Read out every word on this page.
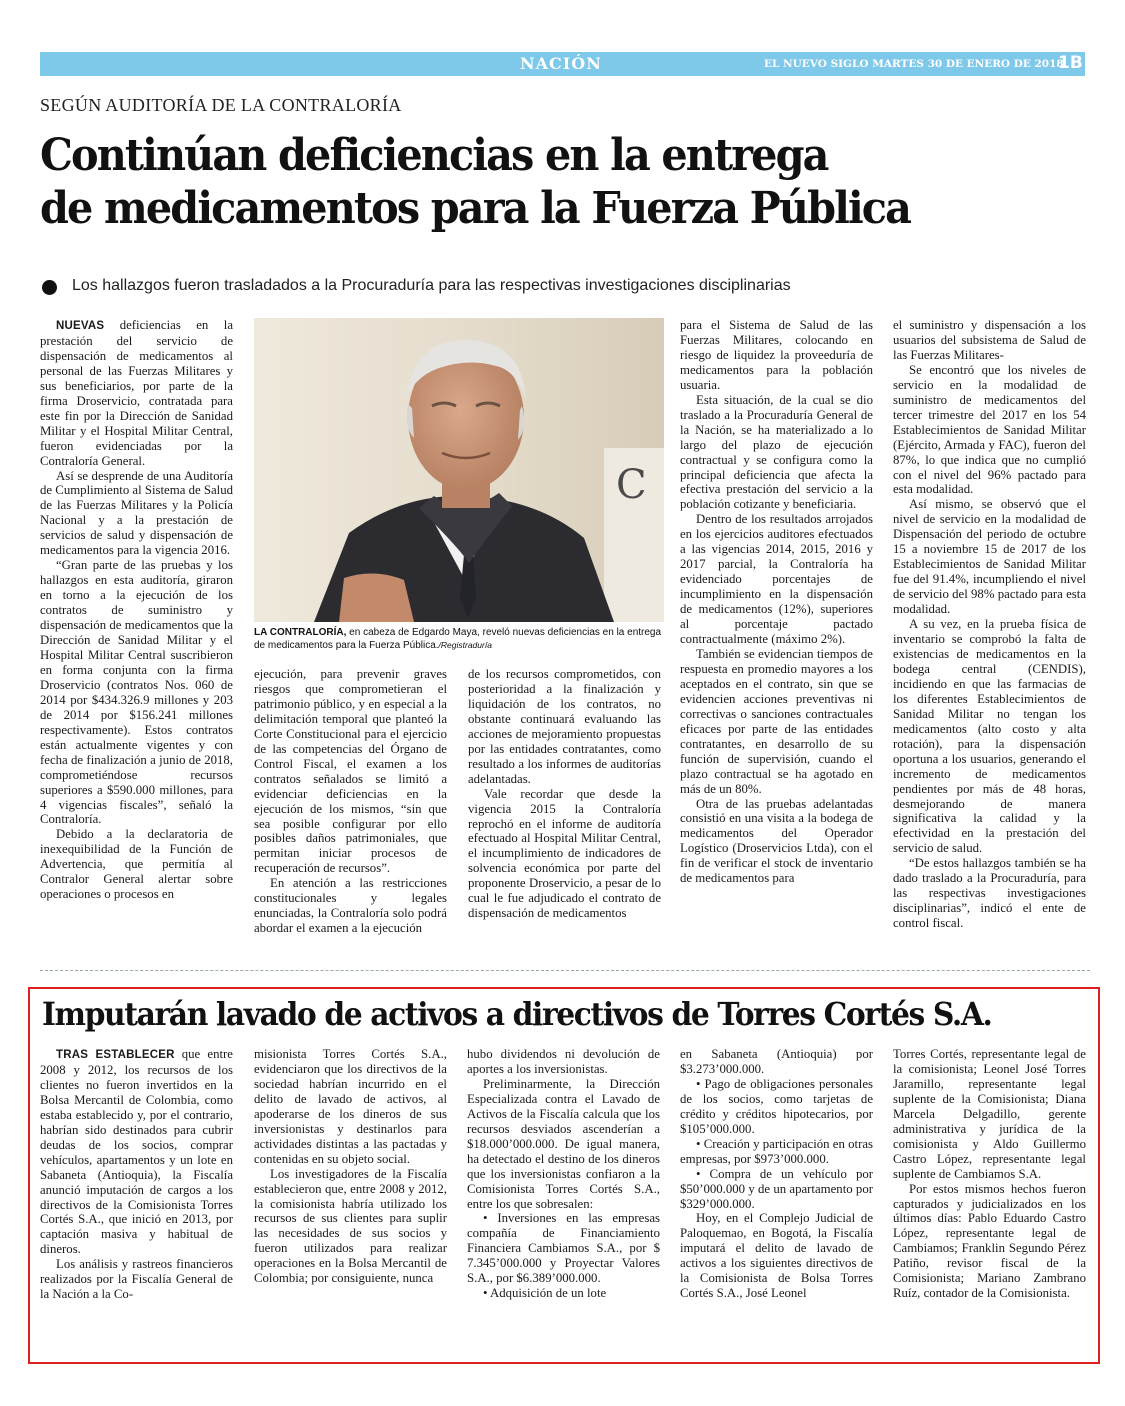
NACIÓN	EL NUEVO SIGLO MARTES 30 DE ENERO DE 2018
1B
SEGÚN AUDITORÍA DE LA CONTRALORÍA
Continúan deficiencias en la entrega
de medicamentos para la Fuerza Pública
Los hallazgos fueron trasladados a la Procuraduría para las respectivas investigaciones disciplinarias

NUEVAS deficiencias en la prestación del servicio de dispensación de medicamentos al personal de las Fuerzas Militares y sus beneficiarios, por parte de la firma Droservicio, contratada para este fin por la Dirección de Sanidad Militar y el Hospital Militar Central, fueron evidenciadas por la Contraloría General.

Así se desprende de una Auditoría de Cumplimiento al Sistema de Salud de las Fuerzas Militares y la Policía Nacional y a la prestación de servicios de salud y dispensación de medicamentos para la vigencia 2016.

“Gran parte de las pruebas y los hallazgos en esta auditoría, giraron en torno a la ejecución de los contratos de suministro y dispensación de medicamentos que la Dirección de Sanidad Militar y el Hospital Militar Central suscribieron en forma conjunta con la firma Droservicio (contratos Nos. 060 de 2014 por $434.326.9 millones y 203 de 2014 por $156.241 millones respectivamente). Estos contratos están actualmente vigentes y con fecha de finalización a junio de 2018, comprometiéndose recursos superiores a $590.000 millones, para 4 vigencias fiscales”, señaló la Contraloría.

Debido a la declaratoria de inexequibilidad de la Función de Advertencia, que permitía al Contralor General alertar sobre operaciones o procesos en

C
LA CONTRALORÍA, en cabeza de Edgardo Maya, reveló nuevas deficiencias en la entrega de medicamentos para la Fuerza Pública./Registraduría

ejecución, para prevenir graves riesgos que comprometieran el patrimonio público, y en especial a la delimitación temporal que planteó la Corte Constitucional para el ejercicio de las competencias del Órgano de Control Fiscal, el examen a los contratos señalados se limitó a evidenciar deficiencias en la ejecución de los mismos, “sin que sea posible configurar por ello posibles daños patrimoniales, que permitan iniciar procesos de recuperación de recursos”.

En atención a las restricciones constitucionales y legales enunciadas, la Contraloría solo podrá abordar el examen a la ejecución

de los recursos comprometidos, con posterioridad a la finalización y liquidación de los contratos, no obstante continuará evaluando las acciones de mejoramiento propuestas por las entidades contratantes, como resultado a los informes de auditorías adelantadas.

Vale recordar que desde la vigencia 2015 la Contraloría reprochó en el informe de auditoría efectuado al Hospital Militar Central, el incumplimiento de indicadores de solvencia económica por parte del proponente Droservicio, a pesar de lo cual le fue adjudicado el contrato de dispensación de medicamentos

para el Sistema de Salud de las Fuerzas Militares, colocando en riesgo de liquidez la proveeduría de medicamentos para la población usuaria.

Esta situación, de la cual se dio traslado a la Procuraduría General de la Nación, se ha materializado a lo largo del plazo de ejecución contractual y se configura como la principal deficiencia que afecta la efectiva prestación del servicio a la población cotizante y beneficiaria.

Dentro de los resultados arrojados en los ejercicios auditores efectuados a las vigencias 2014, 2015, 2016 y 2017 parcial, la Contraloría ha evidenciado porcentajes de incumplimiento en la dispensación de medicamentos (12%), superiores al porcentaje pactado contractualmente (máximo 2%).

También se evidencian tiempos de respuesta en promedio mayores a los aceptados en el contrato, sin que se evidencien acciones preventivas ni correctivas o sanciones contractuales eficaces por parte de las entidades contratantes, en desarrollo de su función de supervisión, cuando el plazo contractual se ha agotado en más de un 80%.

Otra de las pruebas adelantadas consistió en una visita a la bodega de medicamentos del Operador Logístico (Droservicios Ltda), con el fin de verificar el stock de inventario de medicamentos para

el suministro y dispensación a los usuarios del subsistema de Salud de las Fuerzas Militares-

Se encontró que los niveles de servicio en la modalidad de suministro de medicamentos del tercer trimestre del 2017 en los 54 Establecimientos de Sanidad Militar (Ejército, Armada y FAC), fueron del 87%, lo que indica que no cumplió con el nivel del 96% pactado para esta modalidad.

Así mismo, se observó que el nivel de servicio en la modalidad de Dispensación del periodo de octubre 15 a noviembre 15 de 2017 de los Establecimientos de Sanidad Militar fue del 91.4%, incumpliendo el nivel de servicio del 98% pactado para esta modalidad.

A su vez, en la prueba física de inventario se comprobó la falta de existencias de medicamentos en la bodega central (CENDIS), incidiendo en que las farmacias de los diferentes Establecimientos de Sanidad Militar no tengan los medicamentos (alto costo y alta rotación), para la dispensación oportuna a los usuarios, generando el incremento de medicamentos pendientes por más de 48 horas, desmejorando de manera significativa la calidad y la efectividad en la prestación del servicio de salud.

“De estos hallazgos también se ha dado traslado a la Procuraduría, para las respectivas investigaciones disciplinarias”, indicó el ente de control fiscal.

Imputarán lavado de activos a directivos de Torres Cortés S.A.

TRAS ESTABLECER que entre 2008 y 2012, los recursos de los clientes no fueron invertidos en la Bolsa Mercantil de Colombia, como estaba establecido y, por el contrario, habrían sido destinados para cubrir deudas de los socios, comprar vehículos, apartamentos y un lote en Sabaneta (Antioquia), la Fiscalía anunció imputación de cargos a los directivos de la Comisionista Torres Cortés S.A., que inició en 2013, por captación masiva y habitual de dineros.

Los análisis y rastreos financieros realizados por la Fiscalía General de la Nación a la Co-

misionista Torres Cortés S.A., evidenciaron que los directivos de la sociedad habrían incurrido en el delito de lavado de activos, al apoderarse de los dineros de sus inversionistas y destinarlos para actividades distintas a las pactadas y contenidas en su objeto social.

Los investigadores de la Fiscalía establecieron que, entre 2008 y 2012, la comisionista habría utilizado los recursos de sus clientes para suplir las necesidades de sus socios y fueron utilizados para realizar operaciones en la Bolsa Mercantil de Colombia; por consiguiente, nunca

hubo dividendos ni devolución de aportes a los inversionistas.

Preliminarmente, la Dirección Especializada contra el Lavado de Activos de la Fiscalía calcula que los recursos desviados ascenderían a $18.000’000.000. De igual manera, ha detectado el destino de los dineros que los inversionistas confiaron a la Comisionista Torres Cortés S.A., entre los que sobresalen:

• Inversiones en las empresas compañía de Financiamiento Financiera Cambiamos S.A., por $ 7.345’000.000 y Proyectar Valores S.A., por $6.389’000.000.

• Adquisición de un lote

en Sabaneta (Antioquia) por $3.273’000.000.

• Pago de obligaciones personales de los socios, como tarjetas de crédito y créditos hipotecarios, por $105’000.000.

• Creación y participación en otras empresas, por $973’000.000.

• Compra de un vehículo por $50’000.000 y de un apartamento por $329’000.000.

Hoy, en el Complejo Judicial de Paloquemao, en Bogotá, la Fiscalía imputará el delito de lavado de activos a los siguientes directivos de la Comisionista de Bolsa Torres Cortés S.A., José Leonel

Torres Cortés, representante legal de la comisionista; Leonel José Torres Jaramillo, representante legal suplente de la Comisionista; Diana Marcela Delgadillo, gerente administrativa y jurídica de la comisionista y Aldo Guillermo Castro López, representante legal suplente de Cambiamos S.A.

Por estos mismos hechos fueron capturados y judicializados en los últimos días: Pablo Eduardo Castro López, representante legal de Cambiamos; Franklin Segundo Pérez Patiño, revisor fiscal de la Comisionista; Mariano Zambrano Ruíz, contador de la Comisionista.
